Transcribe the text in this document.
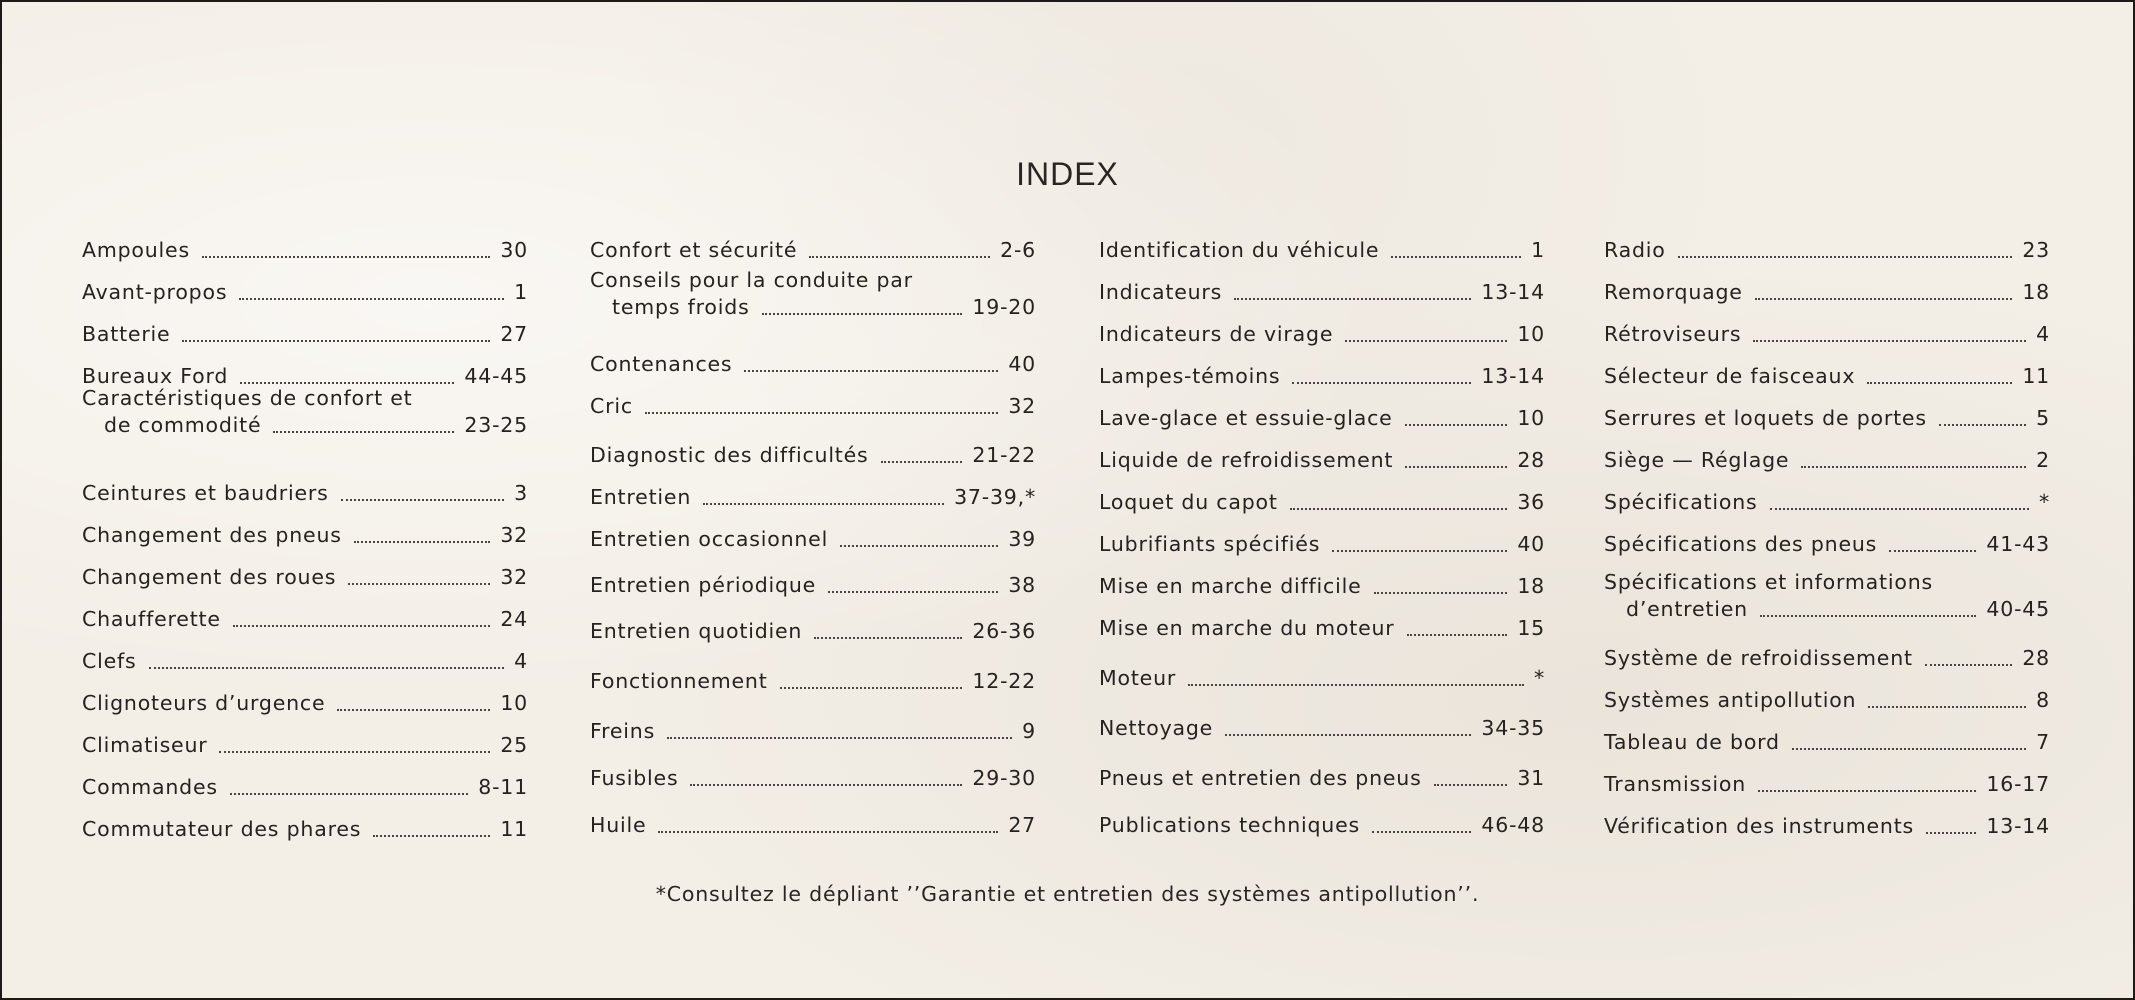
INDEX
Ampoules	30
Avant-propos	1
Batterie	27
Bureaux Ford	44-45
Caractéristiques de confort et
de commodité	23-25
Ceintures et baudriers	3
Changement des pneus	32
Changement des roues	32
Chaufferette	24
Clefs	4
Clignoteurs d’urgence	10
Climatiseur	25
Commandes	8-11
Commutateur des phares	11
Confort et sécurité	2-6
Conseils pour la conduite par
temps froids	19-20
Contenances	40
Cric	32
Diagnostic des difficultés	21-22
Entretien	37-39,*
Entretien occasionnel	39
Entretien périodique	38
Entretien quotidien	26-36
Fonctionnement	12-22
Freins	9
Fusibles	29-30
Huile	27
Identification du véhicule	1
Indicateurs	13-14
Indicateurs de virage	10
Lampes-témoins	13-14
Lave-glace et essuie-glace	10
Liquide de refroidissement	28
Loquet du capot	36
Lubrifiants spécifiés	40
Mise en marche difficile	18
Mise en marche du moteur	15
Moteur	*
Nettoyage	34-35
Pneus et entretien des pneus	31
Publications techniques	46-48
Radio	23
Remorquage	18
Rétroviseurs	4
Sélecteur de faisceaux	11
Serrures et loquets de portes	5
Siège — Réglage	2
Spécifications	*
Spécifications des pneus	41-43
Spécifications et informations
d’entretien	40-45
Système de refroidissement	28
Systèmes antipollution	8
Tableau de bord	7
Transmission	16-17
Vérification des instruments	13-14
*Consultez le dépliant ’’Garantie et entretien des systèmes antipollution’’.
